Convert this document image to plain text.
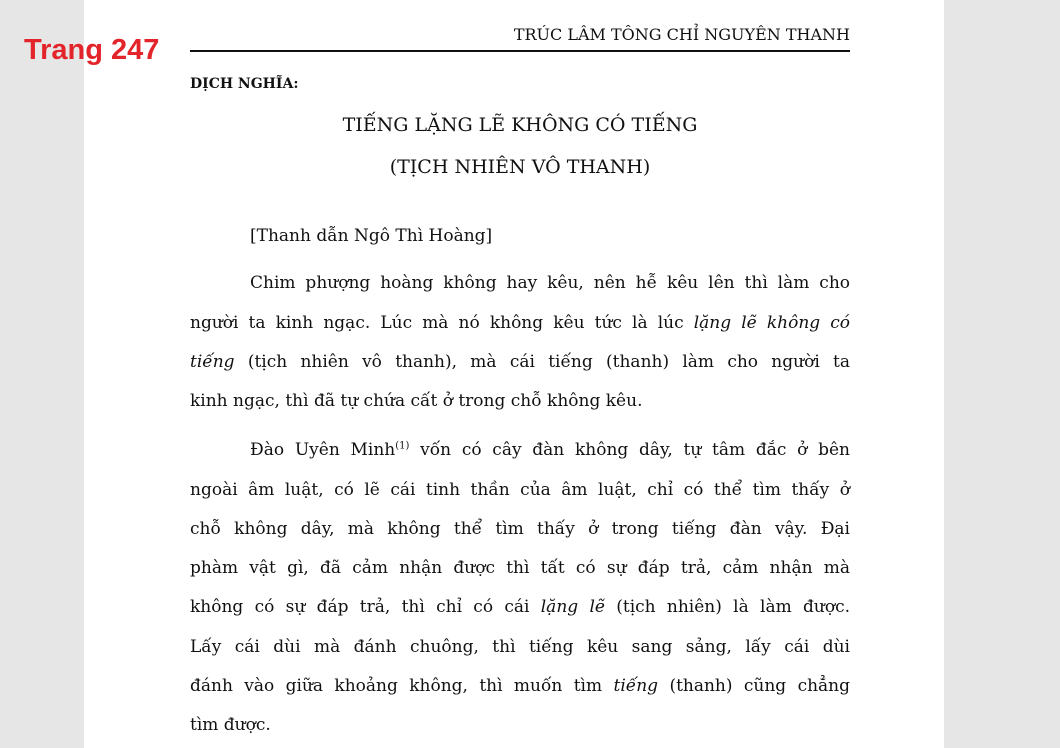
Trang 247	TRÚC LÂM TÔNG CHỈ NGUYÊN THANH
DỊCH NGHĨA:
TIẾNG LẶNG LẼ KHÔNG CÓ TIẾNG
(TỊCH NHIÊN VÔ THANH)
[Thanh dẫn Ngô Thì Hoàng]
Chim phượng hoàng không hay kêu, nên hễ kêu lên thì làm cho
người ta kinh ngạc. Lúc mà nó không kêu tức là lúc lặng lẽ không có
tiếng (tịch nhiên vô thanh), mà cái tiếng (thanh) làm cho người ta
kinh ngạc, thì đã tự chứa cất ở trong chỗ không kêu.
Đào Uyên Minh$^{(1)}$ vốn có cây đàn không dây, tự tâm đắc ở bên
ngoài âm luật, có lẽ cái tinh thần của âm luật, chỉ có thể tìm thấy ở
chỗ không dây, mà không thể tìm thấy ở trong tiếng đàn vậy. Đại
phàm vật gì, đã cảm nhận được thì tất có sự đáp trả, cảm nhận mà
không có sự đáp trả, thì chỉ có cái lặng lẽ (tịch nhiên) là làm được.
Lấy cái dùi mà đánh chuông, thì tiếng kêu sang sảng, lấy cái dùi
đánh vào giữa khoảng không, thì muốn tìm tiếng (thanh) cũng chẳng
tìm được.
